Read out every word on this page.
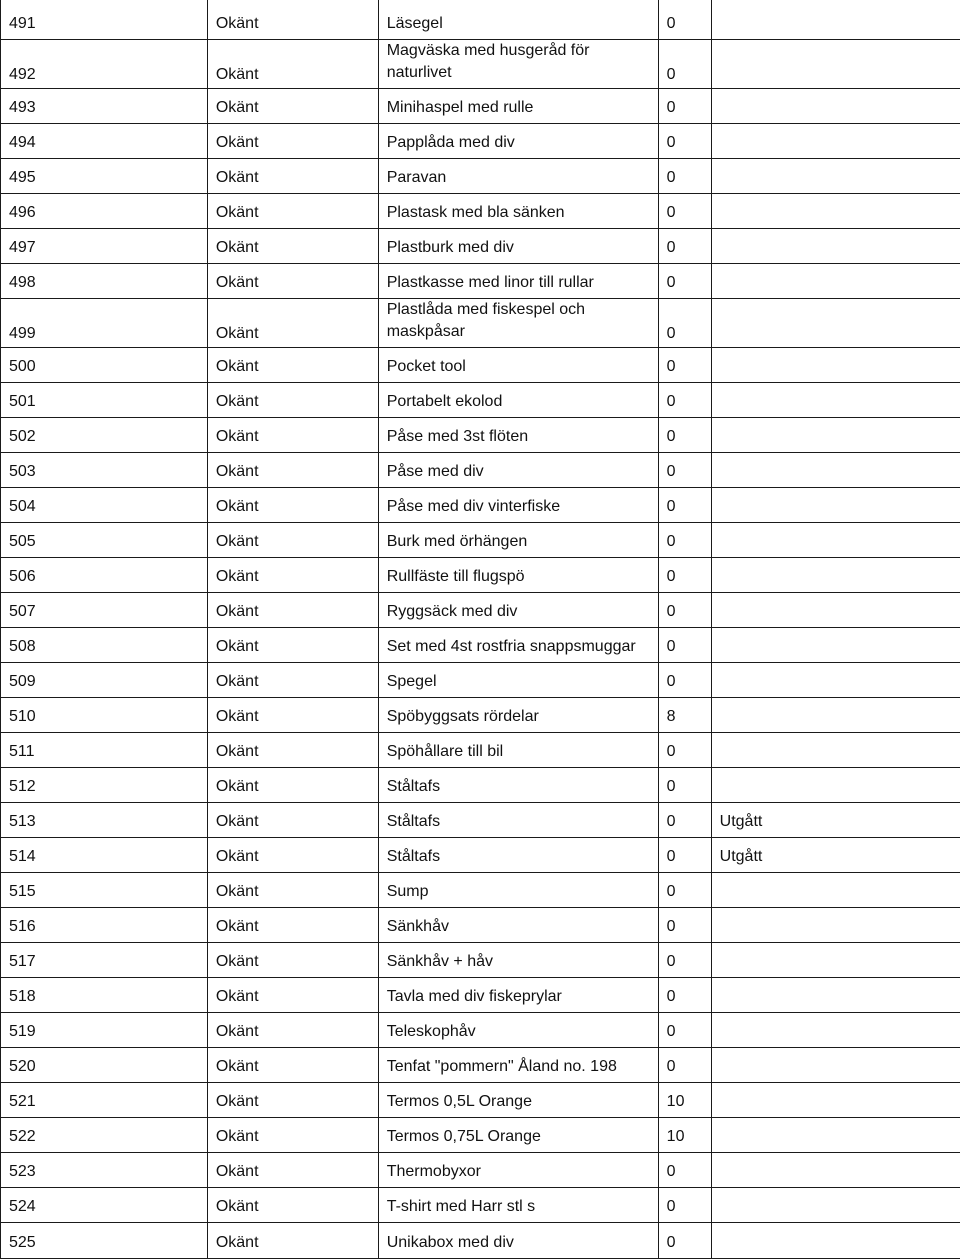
491	Okänt	Läsegel	0	
492	Okänt	Magväska med husgeråd för naturlivet	0	
493	Okänt	Minihaspel med rulle	0	
494	Okänt	Papplåda med div	0	
495	Okänt	Paravan	0	
496	Okänt	Plastask med bla sänken	0	
497	Okänt	Plastburk med div	0	
498	Okänt	Plastkasse med linor till rullar	0	
499	Okänt	Plastlåda med fiskespel och maskpåsar	0	
500	Okänt	Pocket tool	0	
501	Okänt	Portabelt ekolod	0	
502	Okänt	Påse med 3st flöten	0	
503	Okänt	Påse med div	0	
504	Okänt	Påse med div vinterfiske	0	
505	Okänt	Burk med örhängen	0	
506	Okänt	Rullfäste till flugspö	0	
507	Okänt	Ryggsäck med div	0	
508	Okänt	Set med 4st rostfria snappsmuggar	0	
509	Okänt	Spegel	0	
510	Okänt	Spöbyggsats rördelar	8	
511	Okänt	Spöhållare till bil	0	
512	Okänt	Ståltafs	0	
513	Okänt	Ståltafs	0	Utgått
514	Okänt	Ståltafs	0	Utgått
515	Okänt	Sump	0	
516	Okänt	Sänkhåv	0	
517	Okänt	Sänkhåv + håv	0	
518	Okänt	Tavla med div fiskeprylar	0	
519	Okänt	Teleskophåv	0	
520	Okänt	Tenfat "pommern" Åland no. 198	0	
521	Okänt	Termos 0,5L Orange	10	
522	Okänt	Termos 0,75L Orange	10	
523	Okänt	Thermobyxor	0	
524	Okänt	T-shirt med Harr stl s	0	
525	Okänt	Unikabox med div	0	
